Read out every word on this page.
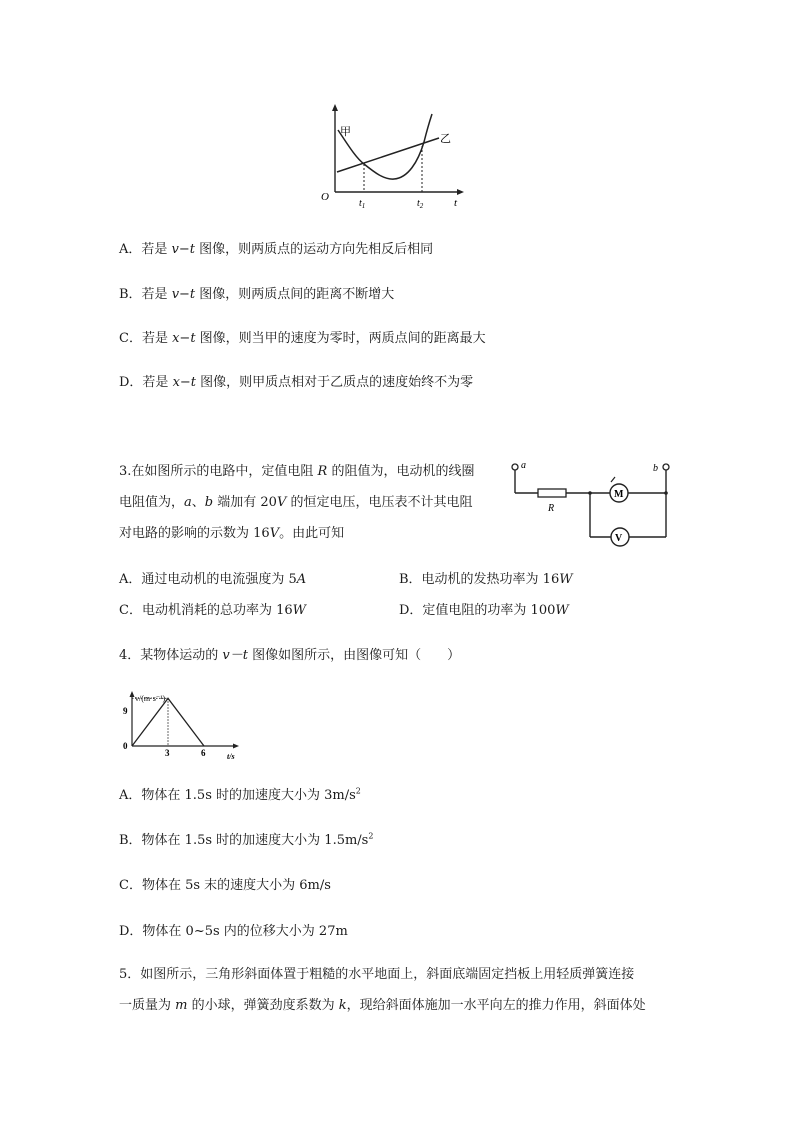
甲
乙
O
$t_1$	$t_2$	t
A．若是 v−t 图像，则两质点的运动方向先相反后相同
B．若是 v−t 图像，则两质点间的距离不断增大
C．若是 x−t 图像，则当甲的速度为零时，两质点间的距离最大
D．若是 x−t 图像，则甲质点相对于乙质点的速度始终不为零
3.在如图所示的电路中，定值电阻 R 的阻值为，电动机的线圈
电阻值为，a、b 端加有 20V 的恒定电压，电压表不计其电阻
对电路的影响的示数为 16V。由此可知
a
R
M
V
b
A．通过电动机的电流强度为 5A	B．电动机的发热功率为 16W
C．电动机消耗的总功率为 16W	D．定值电阻的功率为 100W
4．某物体运动的 v－t 图像如图所示，由图像可知（　　）
v/(m·s⁻¹)
t/s
0
9
3	6
A．物体在 1.5s 时的加速度大小为 $3m/s^2$
B．物体在 1.5s 时的加速度大小为 $1.5m/s^2$
C．物体在 5s 末的速度大小为 6m/s
D．物体在 0~5s 内的位移大小为 27m
5．如图所示，三角形斜面体置于粗糙的水平地面上，斜面底端固定挡板上用轻质弹簧连接
一质量为 m 的小球，弹簧劲度系数为 k，现给斜面体施加一水平向左的推力作用，斜面体处
